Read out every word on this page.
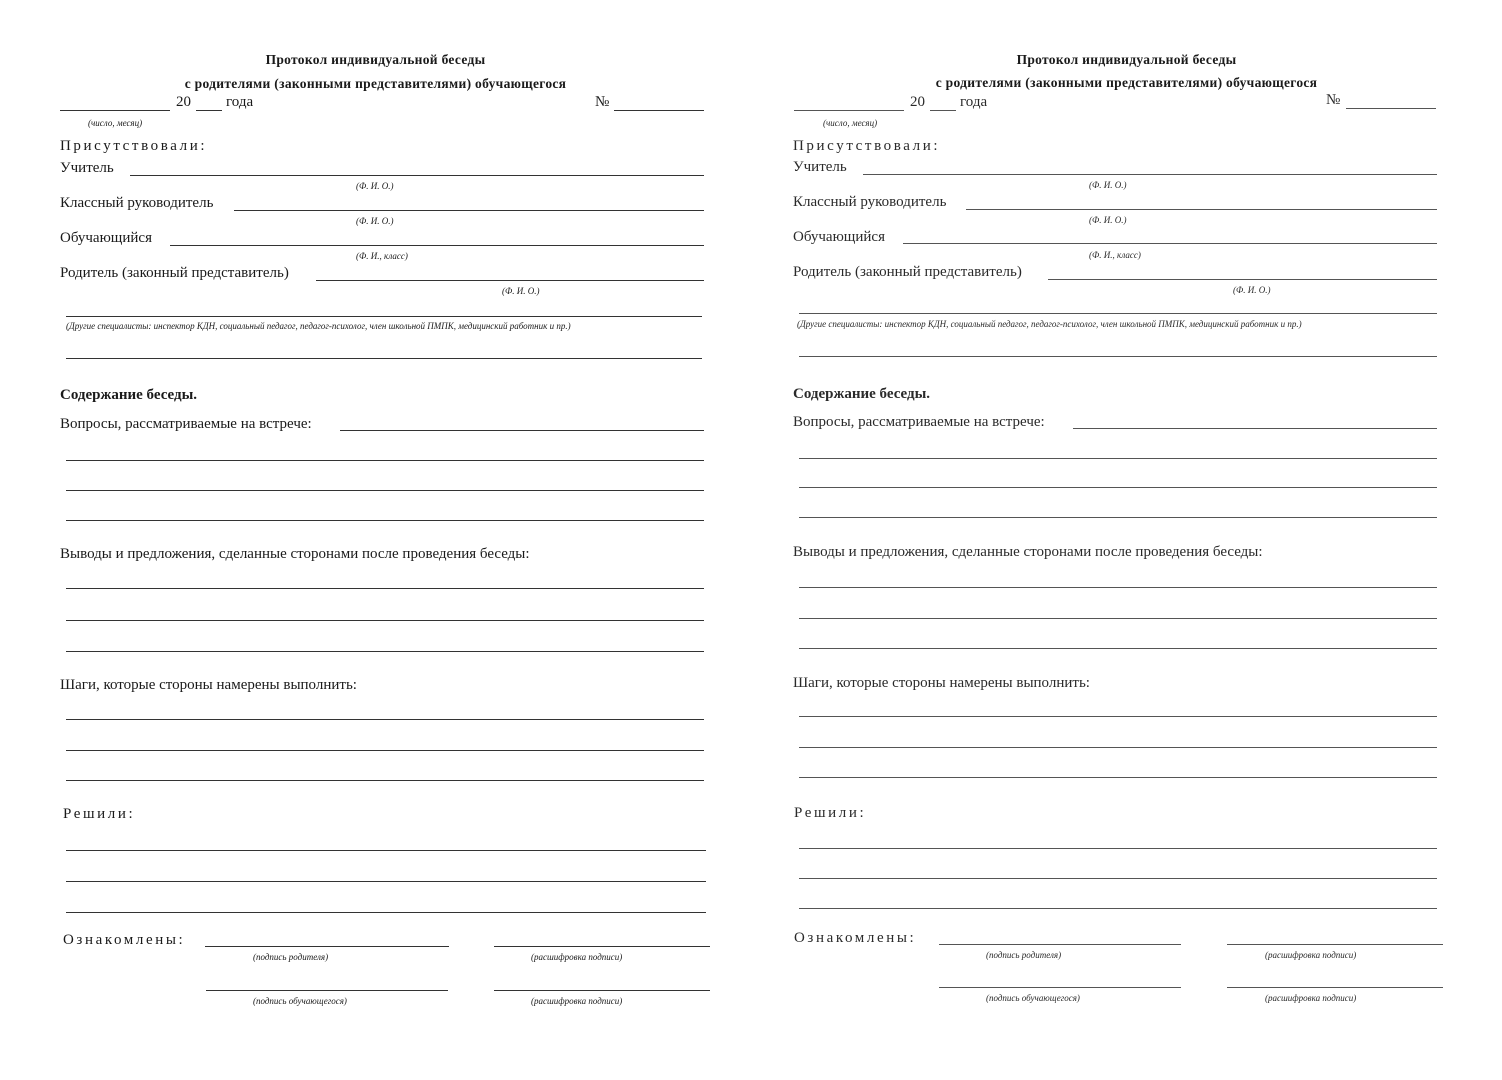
Протокол индивидуальной беседы
с родителями (законными представителями) обучающегося
20 года	№
(число, месяц)
Присутствовали:
Учитель
(Ф. И. О.)
Классный руководитель
(Ф. И. О.)
Обучающийся
(Ф. И., класс)
Родитель (законный представитель)
(Ф. И. О.)
(Другие специалисты: инспектор КДН, социальный педагог, педагог-психолог, член школьной ПМПК, медицинский работник и пр.)
Содержание беседы.
Вопросы, рассматриваемые на встрече:
Выводы и предложения, сделанные сторонами после проведения беседы:
Шаги, которые стороны намерены выполнить:
Решили:
Ознакомлены:
(подпись родителя)	(расшифровка подписи)
(подпись обучающегося)	(расшифровка подписи)
Протокол индивидуальной беседы
с родителями (законными представителями) обучающегося
20 года	№
(число, месяц)
Присутствовали:
Учитель
(Ф. И. О.)
Классный руководитель
(Ф. И. О.)
Обучающийся
(Ф. И., класс)
Родитель (законный представитель)
(Ф. И. О.)
(Другие специалисты: инспектор КДН, социальный педагог, педагог-психолог, член школьной ПМПК, медицинский работник и пр.)
Содержание беседы.
Вопросы, рассматриваемые на встрече:
Выводы и предложения, сделанные сторонами после проведения беседы:
Шаги, которые стороны намерены выполнить:
Решили:
Ознакомлены:
(подпись родителя)	(расшифровка подписи)
(подпись обучающегося)	(расшифровка подписи)
